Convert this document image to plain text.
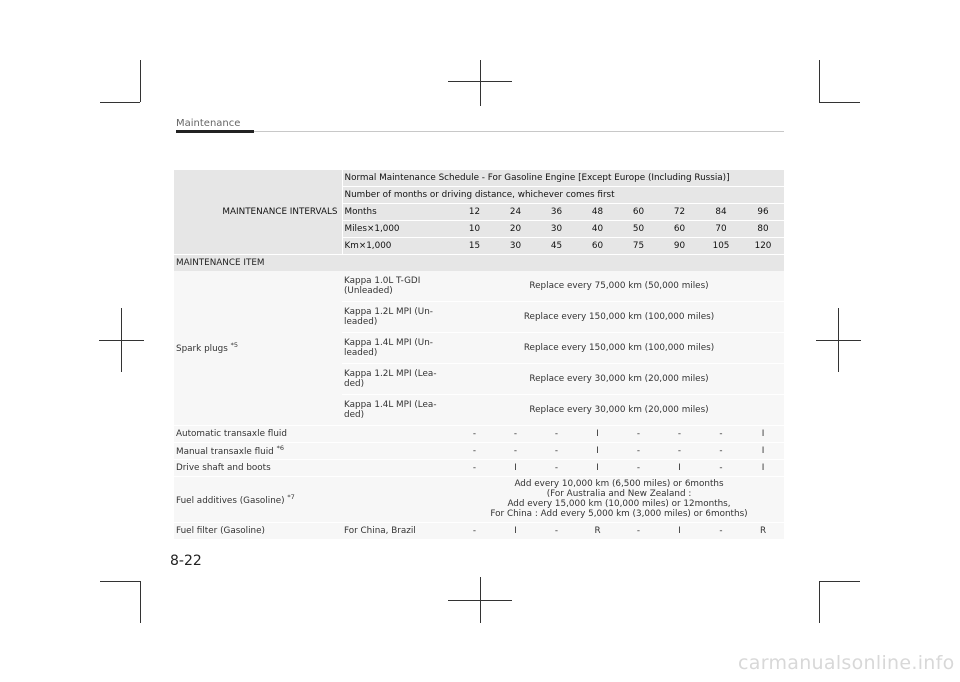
Maintenance
MAINTENANCE INTERVALS	Normal Maintenance Schedule - For Gasoline Engine [Except Europe (Including Russia)]								
	Number of months or driving distance, whichever comes first								
	Months	12	24	36	48	60	72	84	96
	Miles×1,000	10	20	30	40	50	60	70	80
	Km×1,000	15	30	45	60	75	90	105	120
MAINTENANCE ITEM									
Spark plugs $^{*5}$	Kappa 1.0L T-GDI (Unleaded)	Replace every 75,000 km (50,000 miles)							
	Kappa 1.2L MPI (Un-leaded)	Replace every 150,000 km (100,000 miles)							
	Kappa 1.4L MPI (Un-leaded)	Replace every 150,000 km (100,000 miles)							
	Kappa 1.2L MPI (Lea-ded)	Replace every 30,000 km (20,000 miles)							
	Kappa 1.4L MPI (Lea-ded)	Replace every 30,000 km (20,000 miles)							
Automatic transaxle fluid		-	-	-	I	-	-	-	I
Manual transaxle fluid $^{*6}$		-	-	-	I	-	-	-	I
Drive shaft and boots		-	I	-	I	-	I	-	I
Fuel additives (Gasoline) $^{*7}$		Add every 10,000 km (6,500 miles) or 6months
(For Australia and New Zealand :
Add every 15,000 km (10,000 miles) or 12months,
For China : Add every 5,000 km (3,000 miles) or 6months)							

Fuel filter (Gasoline)	For China, Brazil	-	I	-	R	-	I	-	R
8-22
carmanualsonline.info
